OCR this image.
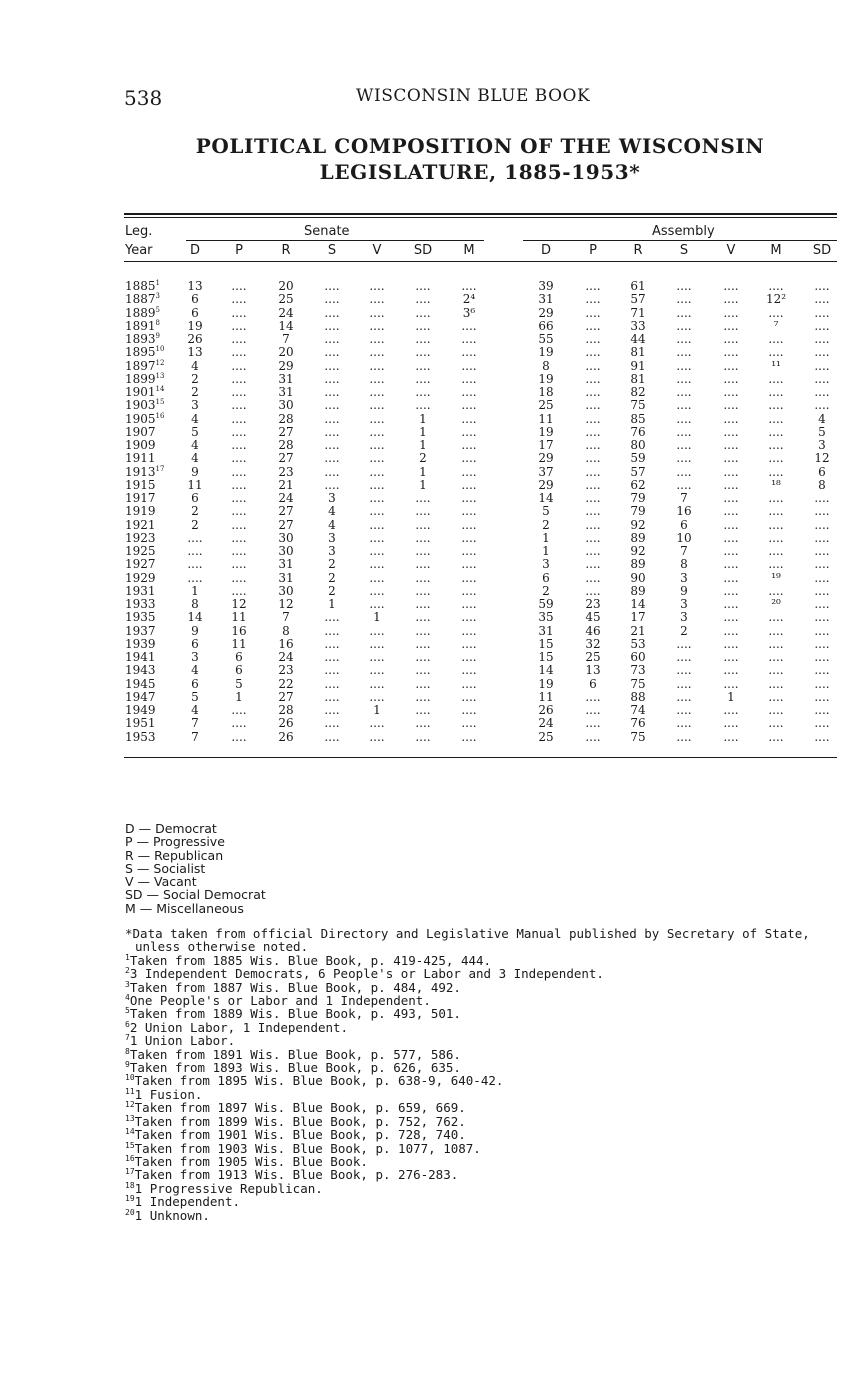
538	WISCONSIN BLUE BOOK
POLITICAL COMPOSITION OF THE WISCONSIN
LEGISLATURE, 1885-1953*
Leg.
Year
Senate	Assembly
D	P	R	S	V	SD	M	D	P	R	S	V	M	SD
1885$^1$	13	....	20	....	....	....	....	39	....	61	....	....	....	....
1887$^3$	6	....	25	....	....	....	2⁴	31	....	57	....	....	12²	....
1889$^5$	6	....	24	....	....	....	3⁶	29	....	71	....	....	....	....
1891$^8$	19	....	14	....	....	....	....	66	....	33	....	....	⁷	....
1893$^9$	26	....	7	....	....	....	....	55	....	44	....	....	....	....
1895$^{10}$	13	....	20	....	....	....	....	19	....	81	....	....	....	....
1897$^{12}$	4	....	29	....	....	....	....	8	....	91	....	....	¹¹	....
1899$^{13}$	2	....	31	....	....	....	....	19	....	81	....	....	....	....
1901$^{14}$	2	....	31	....	....	....	....	18	....	82	....	....	....	....
1903$^{15}$	3	....	30	....	....	....	....	25	....	75	....	....	....	....
1905$^{16}$	4	....	28	....	....	1	....	11	....	85	....	....	....	4
1907	5	....	27	....	....	1	....	19	....	76	....	....	....	5
1909	4	....	28	....	....	1	....	17	....	80	....	....	....	3
1911	4	....	27	....	....	2	....	29	....	59	....	....	....	12
1913$^{17}$	9	....	23	....	....	1	....	37	....	57	....	....	....	6
1915	11	....	21	....	....	1	....	29	....	62	....	....	¹⁸	8
1917	6	....	24	3	....	....	....	14	....	79	7	....	....	....
1919	2	....	27	4	....	....	....	5	....	79	16	....	....	....
1921	2	....	27	4	....	....	....	2	....	92	6	....	....	....
1923	....	....	30	3	....	....	....	1	....	89	10	....	....	....
1925	....	....	30	3	....	....	....	1	....	92	7	....	....	....
1927	....	....	31	2	....	....	....	3	....	89	8	....	....	....
1929	....	....	31	2	....	....	....	6	....	90	3	....	¹⁹	....
1931	1	....	30	2	....	....	....	2	....	89	9	....	....	....
1933	8	12	12	1	....	....	....	59	23	14	3	....	²⁰	....
1935	14	11	7	....	1	....	....	35	45	17	3	....	....	....
1937	9	16	8	....	....	....	....	31	46	21	2	....	....	....
1939	6	11	16	....	....	....	....	15	32	53	....	....	....	....
1941	3	6	24	....	....	....	....	15	25	60	....	....	....	....
1943	4	6	23	....	....	....	....	14	13	73	....	....	....	....
1945	6	5	22	....	....	....	....	19	6	75	....	....	....	....
1947	5	1	27	....	....	....	....	11	....	88	....	1	....	....
1949	4	....	28	....	1	....	....	26	....	74	....	....	....	....
1951	7	....	26	....	....	....	....	24	....	76	....	....	....	....
1953	7	....	26	....	....	....	....	25	....	75	....	....	....	....
D — Democrat
P — Progressive
R — Republican
S — Socialist
V — Vacant
SD — Social Democrat
M — Miscellaneous
*Data taken from official Directory and Legislative Manual published by Secretary of State,
unless otherwise noted.
$^1$Taken from 1885 Wis. Blue Book, p. 419-425, 444.
$^2$3 Independent Democrats, 6 People's or Labor and 3 Independent.
$^3$Taken from 1887 Wis. Blue Book, p. 484, 492.
$^4$One People's or Labor and 1 Independent.
$^5$Taken from 1889 Wis. Blue Book, p. 493, 501.
$^6$2 Union Labor, 1 Independent.
$^7$1 Union Labor.
$^8$Taken from 1891 Wis. Blue Book, p. 577, 586.
$^9$Taken from 1893 Wis. Blue Book, p. 626, 635.
$^{10}$Taken from 1895 Wis. Blue Book, p. 638-9, 640-42.
$^{11}$1 Fusion.
$^{12}$Taken from 1897 Wis. Blue Book, p. 659, 669.
$^{13}$Taken from 1899 Wis. Blue Book, p. 752, 762.
$^{14}$Taken from 1901 Wis. Blue Book, p. 728, 740.
$^{15}$Taken from 1903 Wis. Blue Book, p. 1077, 1087.
$^{16}$Taken from 1905 Wis. Blue Book.
$^{17}$Taken from 1913 Wis. Blue Book, p. 276-283.
$^{18}$1 Progressive Republican.
$^{19}$1 Independent.
$^{20}$1 Unknown.
